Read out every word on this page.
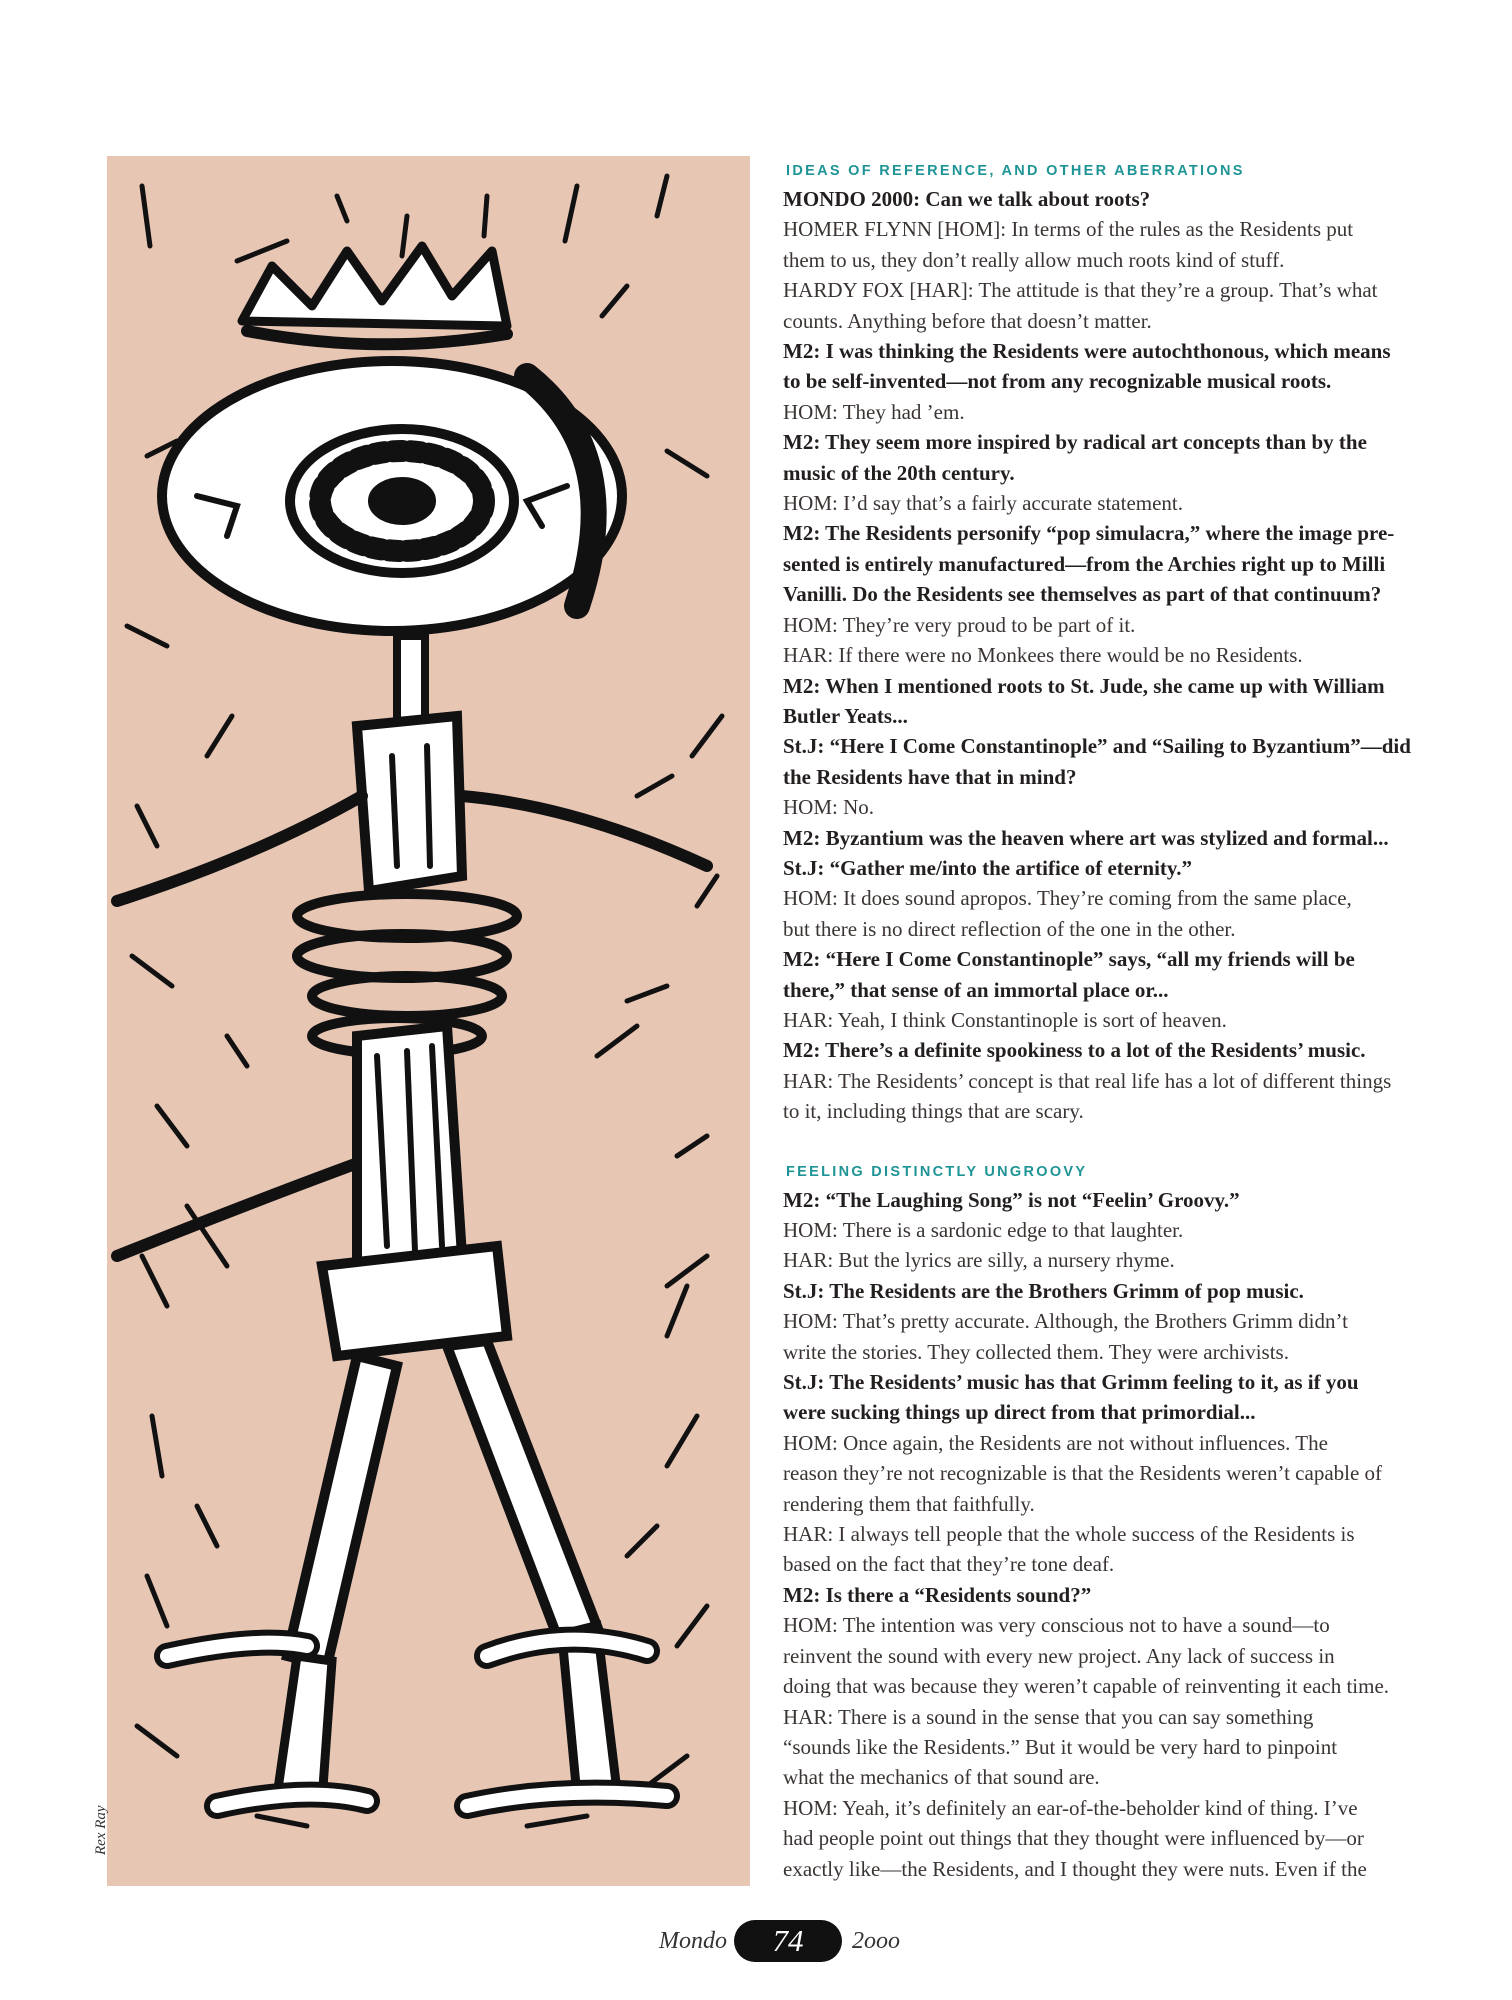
Rex Ray
IDEAS OF REFERENCE, AND OTHER ABERRATIONS

MONDO 2000: Can we talk about roots?

HOMER FLYNN [HOM]: In terms of the rules as the Residents put

them to us, they don’t really allow much roots kind of stuff.

HARDY FOX [HAR]: The attitude is that they’re a group. That’s what

counts. Anything before that doesn’t matter.

M2: I was thinking the Residents were autochthonous, which means

to be self-invented—not from any recognizable musical roots.

HOM: They had ’em.

M2: They seem more inspired by radical art concepts than by the

music of the 20th century.

HOM: I’d say that’s a fairly accurate statement.

M2: The Residents personify “pop simulacra,” where the image pre-

sented is entirely manufactured—from the Archies right up to Milli

Vanilli. Do the Residents see themselves as part of that continuum?

HOM: They’re very proud to be part of it.

HAR: If there were no Monkees there would be no Residents.

M2: When I mentioned roots to St. Jude, she came up with William

Butler Yeats...

St.J: “Here I Come Constantinople” and “Sailing to Byzantium”—did

the Residents have that in mind?

HOM: No.

M2: Byzantium was the heaven where art was stylized and formal...

St.J: “Gather me/into the artifice of eternity.”

HOM: It does sound apropos. They’re coming from the same place,

but there is no direct reflection of the one in the other.

M2: “Here I Come Constantinople” says, “all my friends will be

there,” that sense of an immortal place or...

HAR: Yeah, I think Constantinople is sort of heaven.

M2: There’s a definite spookiness to a lot of the Residents’ music.

HAR: The Residents’ concept is that real life has a lot of different things

to it, including things that are scary.

FEELING DISTINCTLY UNGROOVY

M2: “The Laughing Song” is not “Feelin’ Groovy.”

HOM: There is a sardonic edge to that laughter.

HAR: But the lyrics are silly, a nursery rhyme.

St.J: The Residents are the Brothers Grimm of pop music.

HOM: That’s pretty accurate. Although, the Brothers Grimm didn’t

write the stories. They collected them. They were archivists.

St.J: The Residents’ music has that Grimm feeling to it, as if you

were sucking things up direct from that primordial...

HOM: Once again, the Residents are not without influences. The

reason they’re not recognizable is that the Residents weren’t capable of

rendering them that faithfully.

HAR: I always tell people that the whole success of the Residents is

based on the fact that they’re tone deaf.

M2: Is there a “Residents sound?”

HOM: The intention was very conscious not to have a sound—to

reinvent the sound with every new project. Any lack of success in

doing that was because they weren’t capable of reinventing it each time.

HAR: There is a sound in the sense that you can say something

“sounds like the Residents.” But it would be very hard to pinpoint

what the mechanics of that sound are.

HOM: Yeah, it’s definitely an ear-of-the-beholder kind of thing. I’ve

had people point out things that they thought were influenced by—or

exactly like—the Residents, and I thought they were nuts. Even if the

Mondo	74	2ooo
